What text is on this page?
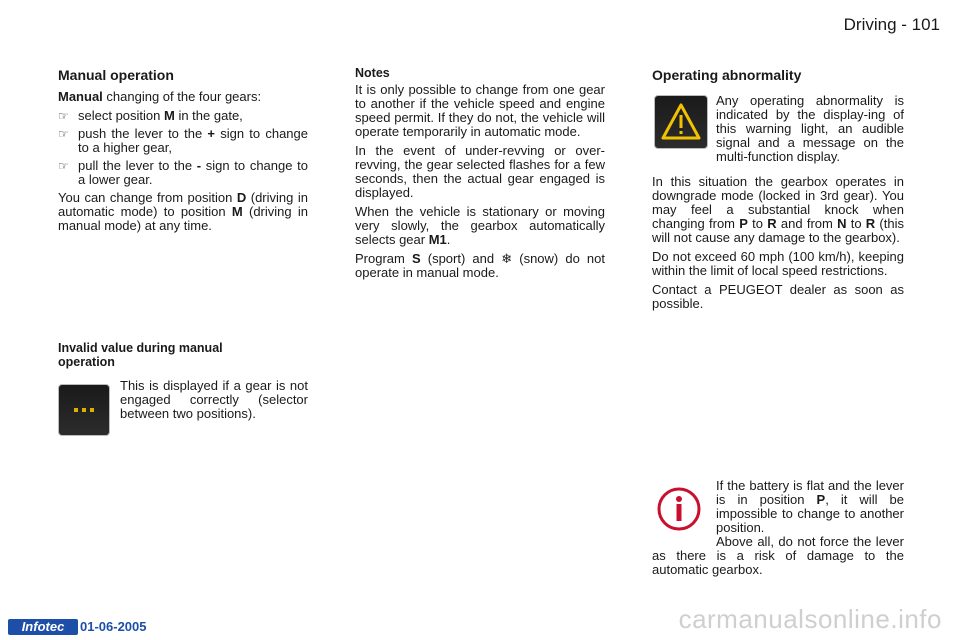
Driving - 101
Manual operation

Manual changing of the four gears:

☞ select position M in the gate,
☞ push the lever to the + sign to change to a higher gear,
☞ pull the lever to the - sign to change to a lower gear.

You can change from position D (driving in automatic mode) to position M (driving in manual mode) at any time.

Invalid value during manual operation
This is displayed if a gear is not engaged correctly (selector between two positions).
Notes

It is only possible to change from one gear to another if the vehicle speed and engine speed permit. If they do not, the vehicle will operate temporarily in automatic mode.

In the event of under-revving or over-revving, the gear selected flashes for a few seconds, then the actual gear engaged is displayed.

When the vehicle is stationary or moving very slowly, the gearbox automatically selects gear M1.

Program S (sport) and ❄ (snow) do not operate in manual mode.

Operating abnormality
Any operating abnormality is indicated by the display-ing of this warning light, an audible signal and a message on the multi-function display.

In this situation the gearbox operates in downgrade mode (locked in 3rd gear). You may feel a substantial knock when changing from P to R and from N to R (this will not cause any damage to the gearbox).

Do not exceed 60 mph (100 km/h), keeping within the limit of local speed restrictions.

Contact a PEUGEOT dealer as soon as possible.

If the battery is flat and the lever is in position P, it will be impossible to change to another position.
Above all, do not force the lever as there is a risk of damage to the automatic gearbox.
Infotec	01-06-2005	carmanualsonline.info
